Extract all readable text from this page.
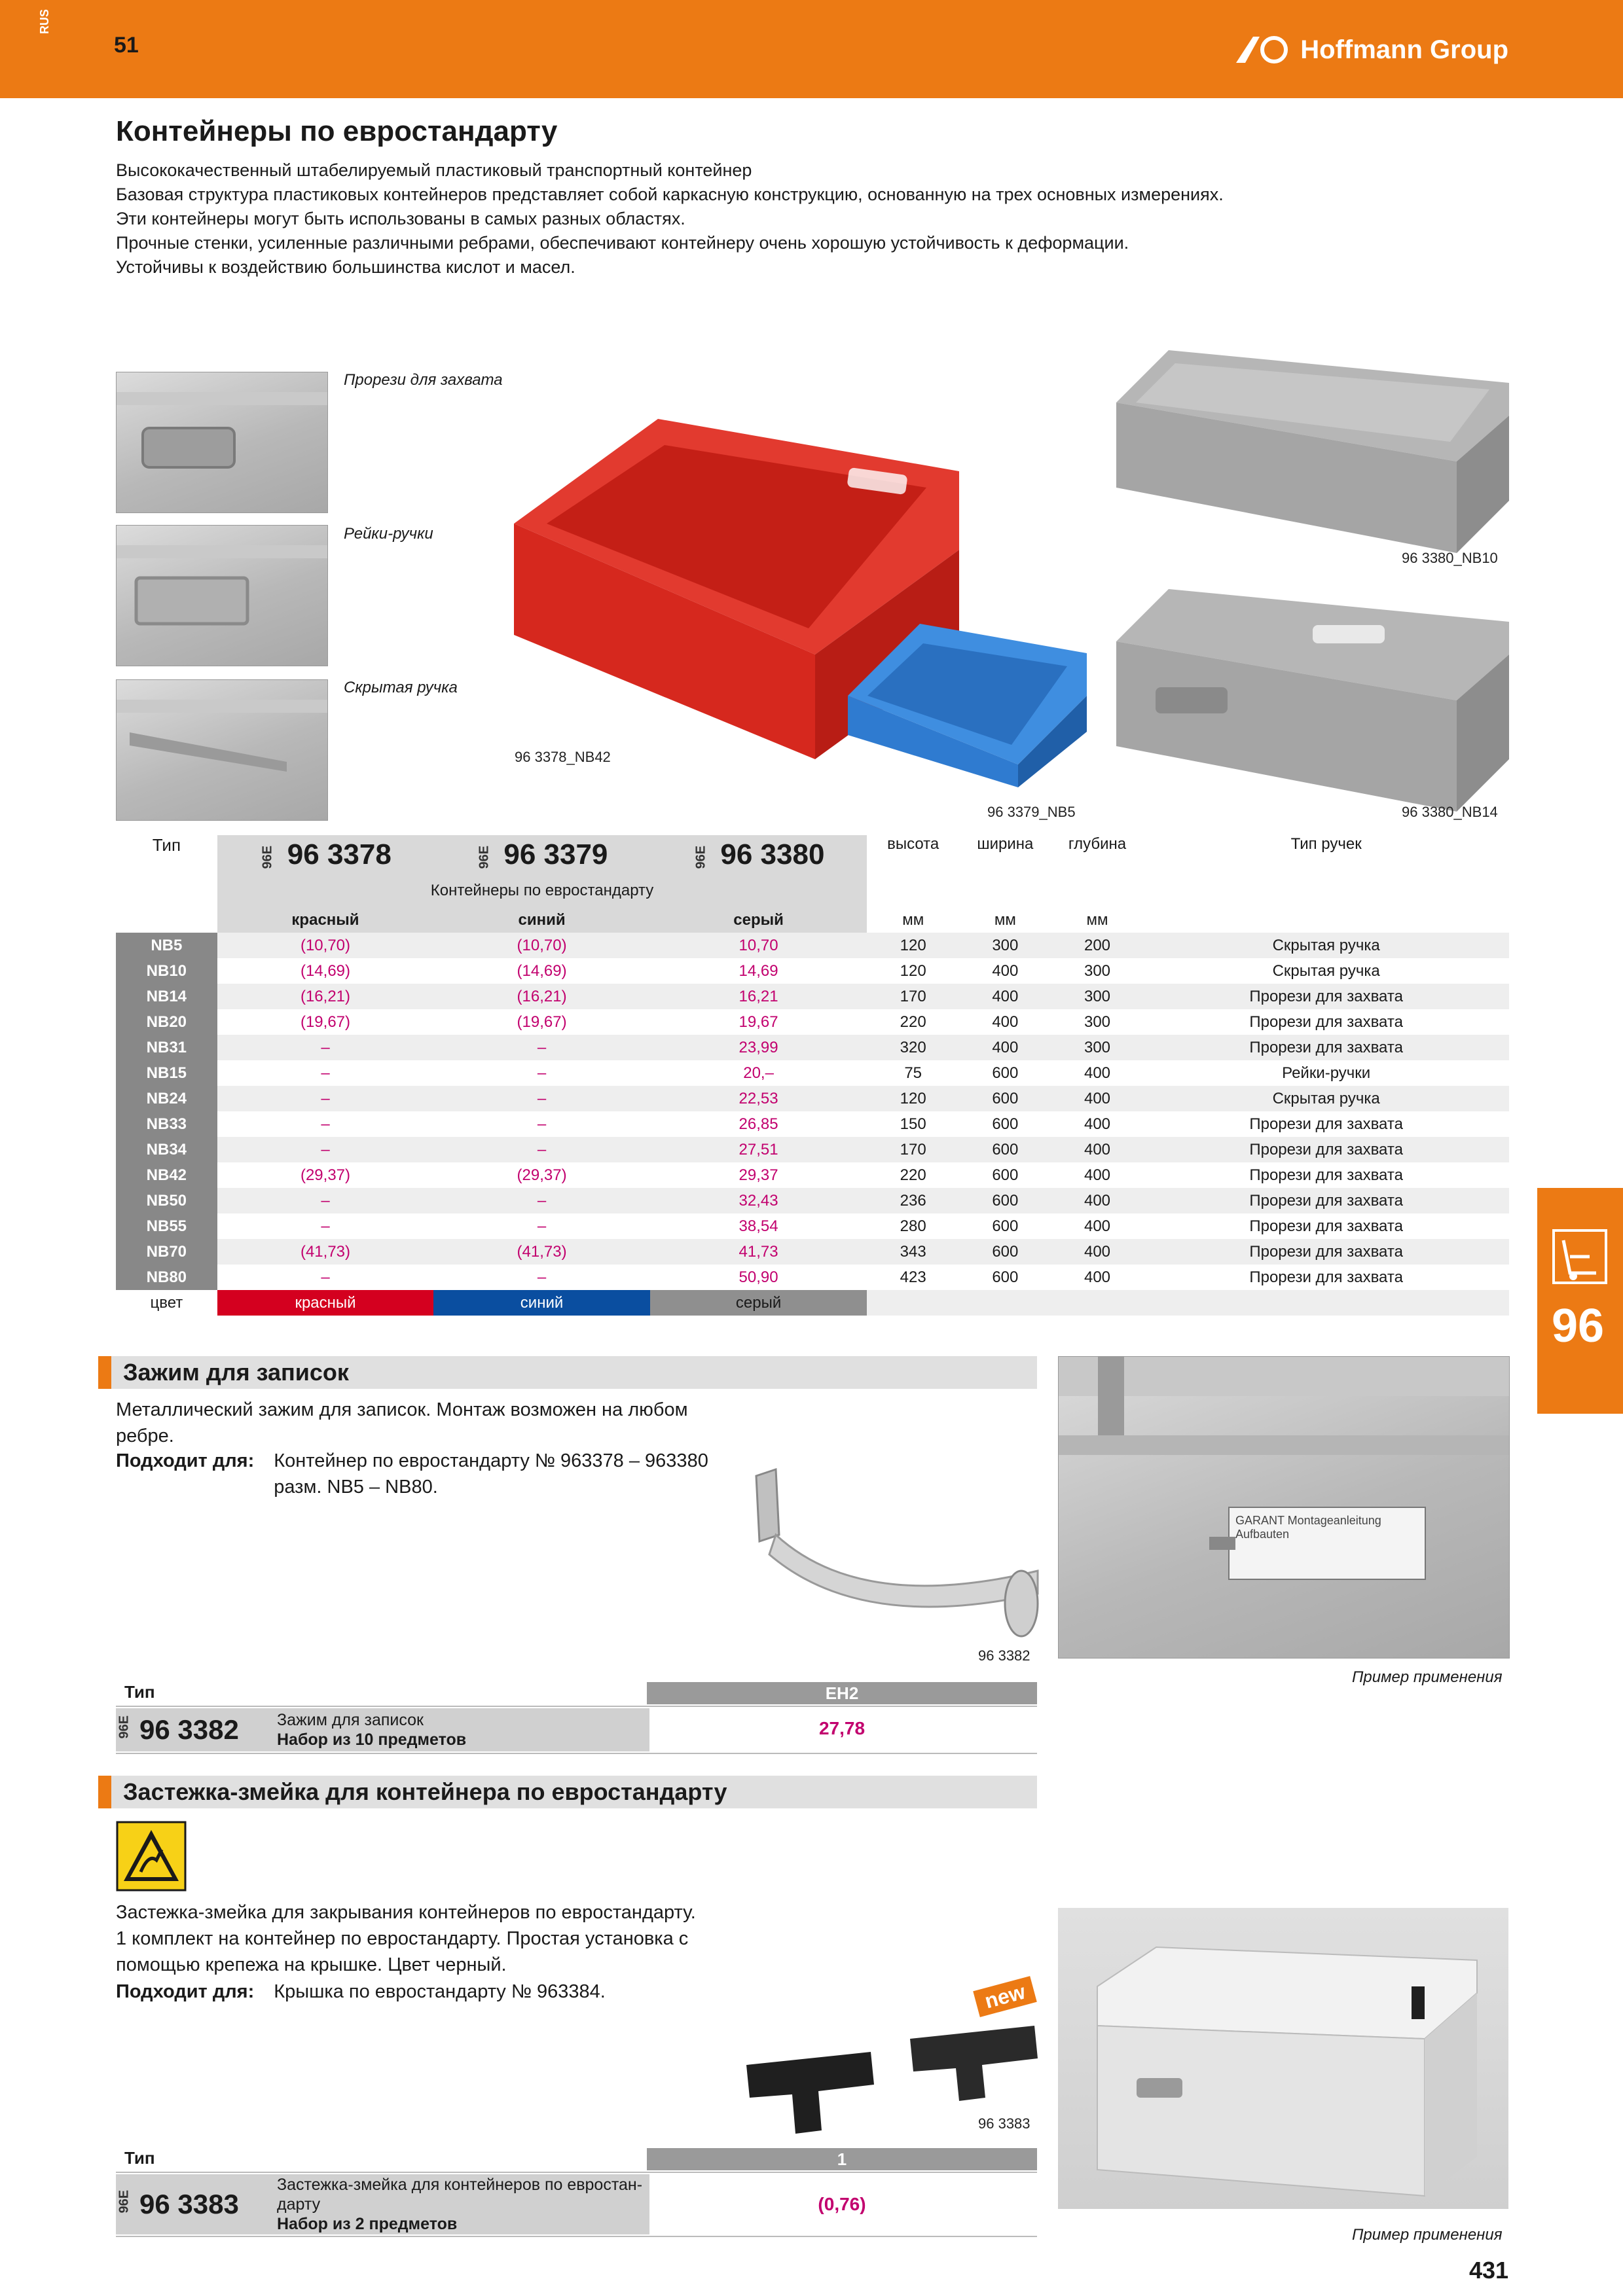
RUS
51	Hoffmann Group
Контейнеры по евростандарту
Высококачественный штабелируемый пластиковый транспортный контейнер
Базовая структура пластиковых контейнеров представляет собой каркасную конструкцию, основанную на трех основных измерениях.
Эти контейнеры могут быть использованы в самых разных областях.
Прочные стенки, усиленные различными ребрами, обеспечивают контейнеру очень хорошую устойчивость к деформации.
Устойчивы к воздействию большинства кислот и масел.
Прорези для захвата
Рейки-ручки
Скрытая ручка
96 3378_NB42
96 3379_NB5
96 3380_NB10
96 3380_NB14
Тип	96E 96 3378	96E 96 3379	96E 96 3380	высота	ширина	глубина	Тип ручек
	Контейнеры по евростандарту						
	красный	синий	серый	мм	мм	мм	
NB5	(10,70)	(10,70)	10,70	120	300	200	Скрытая ручка
NB10	(14,69)	(14,69)	14,69	120	400	300	Скрытая ручка
NB14	(16,21)	(16,21)	16,21	170	400	300	Прорези для захвата
NB20	(19,67)	(19,67)	19,67	220	400	300	Прорези для захвата
NB31	–	–	23,99	320	400	300	Прорези для захвата
NB15	–	–	20,–	75	600	400	Рейки-ручки
NB24	–	–	22,53	120	600	400	Скрытая ручка
NB33	–	–	26,85	150	600	400	Прорези для захвата
NB34	–	–	27,51	170	600	400	Прорези для захвата
NB42	(29,37)	(29,37)	29,37	220	600	400	Прорези для захвата
NB50	–	–	32,43	236	600	400	Прорези для захвата
NB55	–	–	38,54	280	600	400	Прорези для захвата
NB70	(41,73)	(41,73)	41,73	343	600	400	Прорези для захвата
NB80	–	–	50,90	423	600	400	Прорези для захвата
цвет	красный	синий	серый					96
Зажим для записок
Металлический зажим для записок. Монтаж возможен на любом
ребре.
Подходит для: Контейнер по евростандарту № 963378 – 963380
разм. NB5 – NB80.
96 3382
GARANT Montageanleitung Aufbauten
Пример применения
Тип	EH2
96E 96 3382 Зажим для записок
Набор из 10 предметов
27,78
Застежка-змейка для контейнера по евростандарту
Застежка-змейка для закрывания контейнеров по евростандарту.
1 комплект на контейнер по евростандарту. Простая установка с
помощью крепежа на крышке. Цвет черный.
Подходит для: Крышка по евростандарту № 963384.	new
96 3383
Пример применения
Тип	1
96E 96 3383
Застежка-змейка для контейнеров по евростан-
дарту
Набор из 2 предметов
(0,76)
431
